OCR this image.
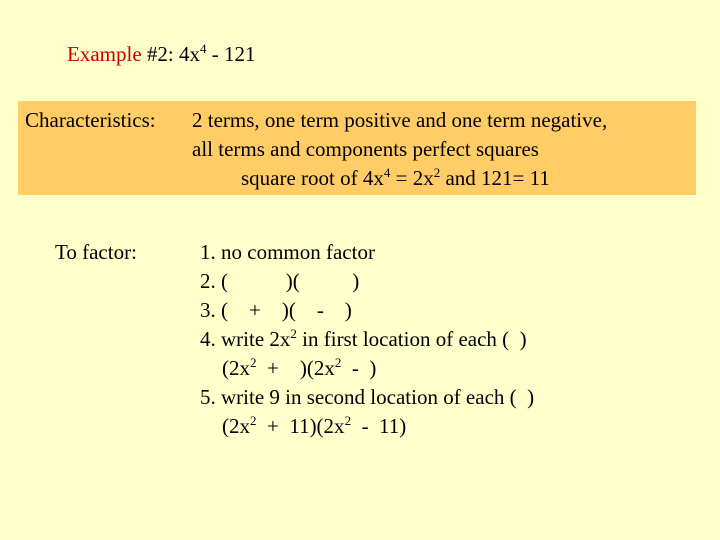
Example #2: $4x^4 - 121$
Characteristics: 2 terms, one term positive and one term negative,
all terms and components perfect squares
square root of $4x^4 = 2x^2$ and 121= 11
To factor:	1. no common factor
2. (           )(          )
3. (    +    )(    -    )
4. write $2x^2$ in first location of each (  )
($2x^2$  +    )($2x^2$  -  )
5. write 9 in second location of each (  )
$(2x^2 + 11)(2x^2 - 11)$
